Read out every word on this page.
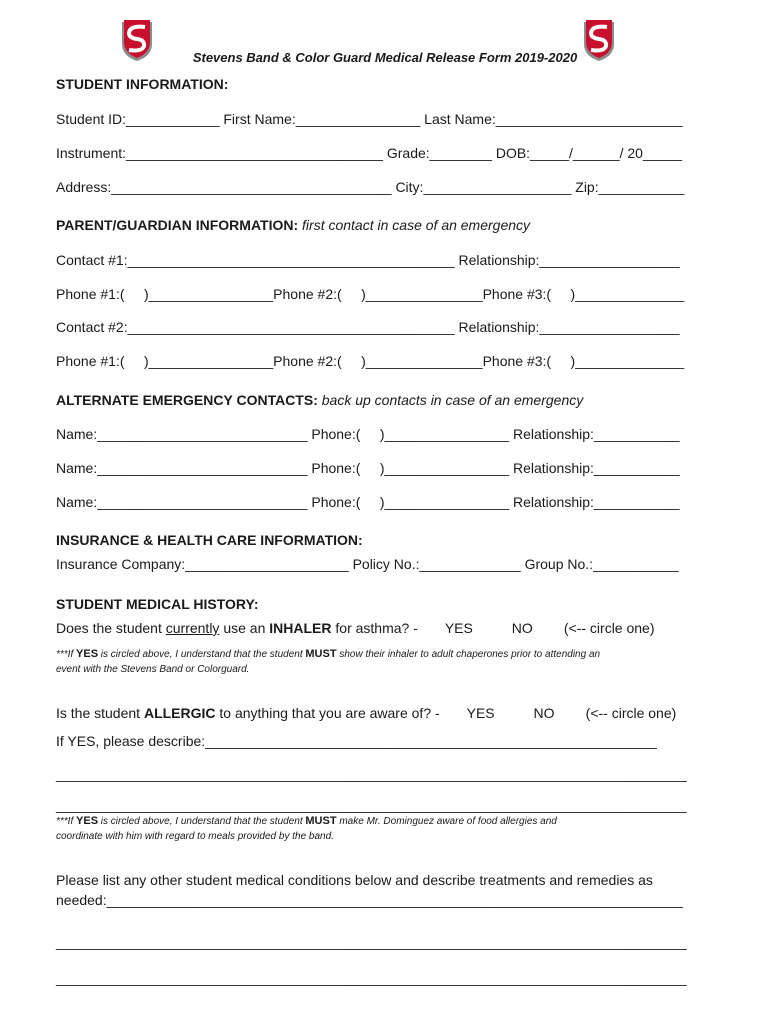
Stevens Band & Color Guard Medical Release Form 2019-2020
STUDENT INFORMATION:
Student ID:____________ First Name:________________ Last Name:________________________
Instrument:_________________________________ Grade:________ DOB:_____/______/ 20_____
Address:____________________________________ City:___________________ Zip:___________
PARENT/GUARDIAN INFORMATION: first contact in case of an emergency
Contact #1:__________________________________________ Relationship:__________________
Phone #1:(     )________________Phone #2:(     )_______________Phone #3:(     )______________
Contact #2:__________________________________________ Relationship:__________________
Phone #1:(     )________________Phone #2:(     )_______________Phone #3:(     )______________
ALTERNATE EMERGENCY CONTACTS: back up contacts in case of an emergency
Name:___________________________ Phone:(     )________________ Relationship:___________
Name:___________________________ Phone:(     )________________ Relationship:___________
Name:___________________________ Phone:(     )________________ Relationship:___________
INSURANCE & HEALTH CARE INFORMATION:
Insurance Company:_____________________ Policy No.:_____________ Group No.:___________
STUDENT MEDICAL HISTORY:
Does the student currently use an INHALER for asthma? -       YES          NO        (<-- circle one)
***If YES is circled above, I understand that the student MUST show their inhaler to adult chaperones prior to attending an
event with the Stevens Band or Colorguard.
Is the student ALLERGIC to anything that you are aware of? -       YES          NO        (<-- circle one)
If YES, please describe:__________________________________________________________
_________________________________________________________________________________
_________________________________________________________________________________
***If YES is circled above, I understand that the student MUST make Mr. Dominguez aware of food allergies and
coordinate with him with regard to meals provided by the band.
Please list any other student medical conditions below and describe treatments and remedies as
needed:__________________________________________________________________________
_________________________________________________________________________________
_________________________________________________________________________________
